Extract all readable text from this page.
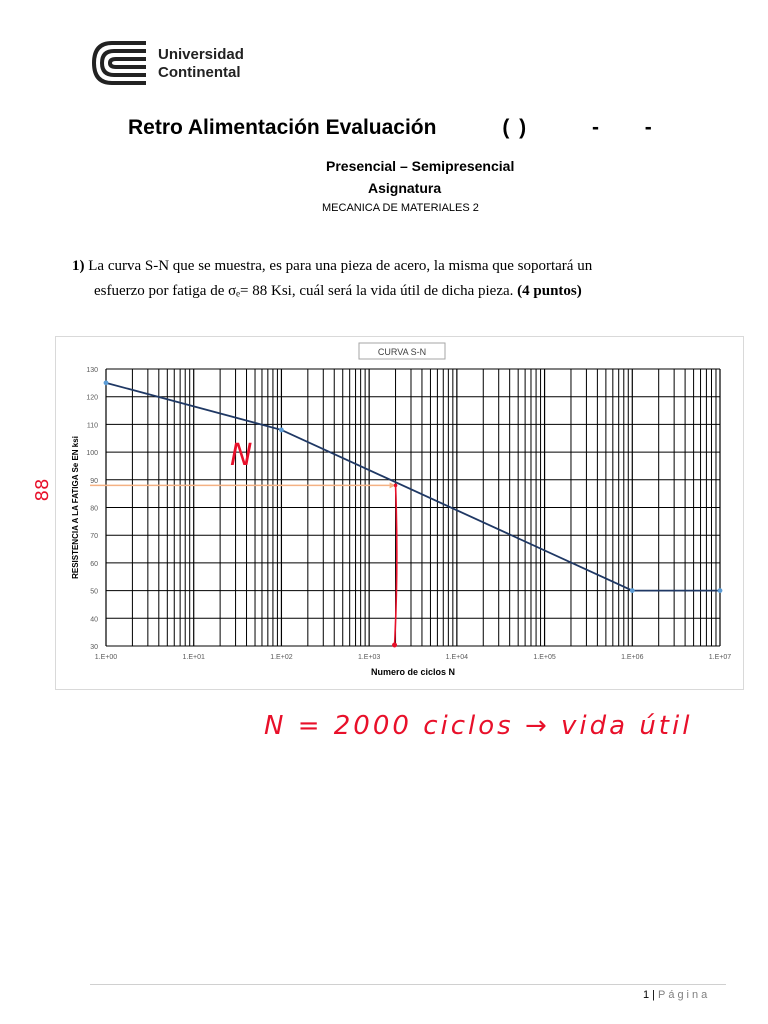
Universidad
Continental
Retro Alimentación Evaluación	( )	- -
Presencial – Semipresencial
Asignatura
MECANICA DE MATERIALES 2
1) La curva S-N que se muestra, es para una pieza de acero, la misma que soportará un
esfuerzo por fatiga de σₑ= 88 Ksi, cuál será la vida útil de dicha pieza. (4 puntos)
88
CURVA S-N
30
40
50
60
70
80
90
100
110
120
130
1.E+00	1.E+01	1.E+02	1.E+03	1.E+04	1.E+05	1.E+06	1.E+07
RESISTENCIA A LA FATIGA Se EN ksi
Numero de ciclos N
N
N = 2000 ciclos → vida útil
1 | Página
